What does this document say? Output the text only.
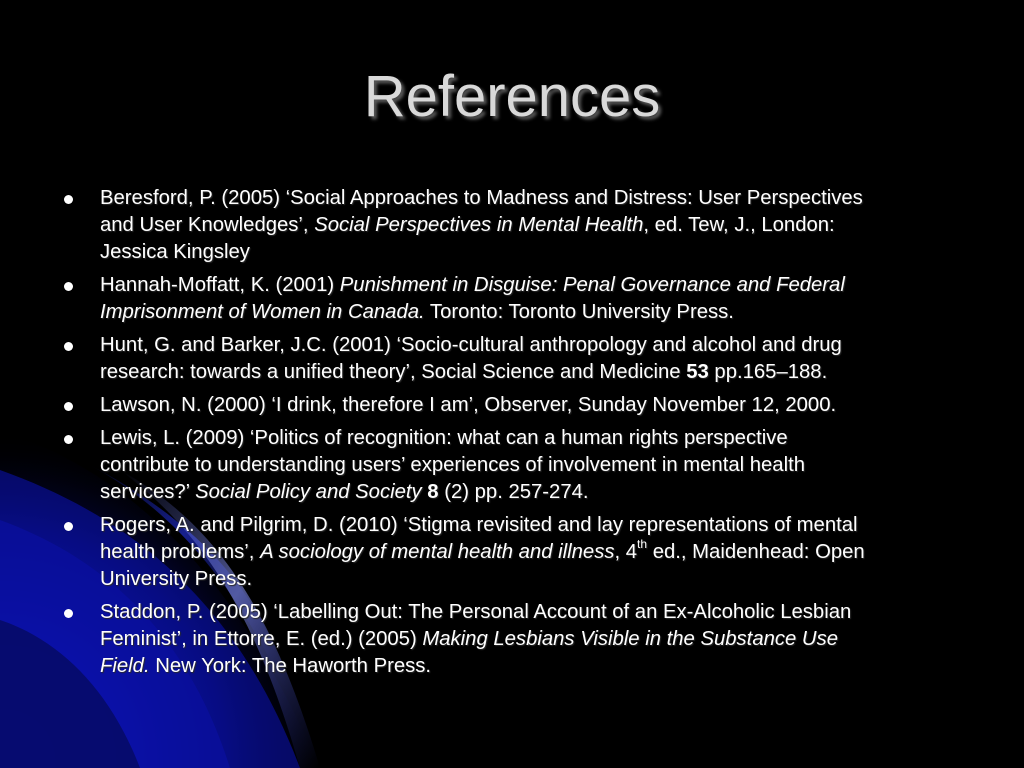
References
Beresford, P. (2005) ‘Social Approaches to Madness and Distress: User Perspectives
and User Knowledges’, Social Perspectives in Mental Health, ed. Tew, J., London:
Jessica Kingsley
Hannah-Moffatt, K. (2001) Punishment in Disguise: Penal Governance and Federal
Imprisonment of Women in Canada. Toronto: Toronto University Press.
Hunt, G. and Barker, J.C. (2001) ‘Socio-cultural anthropology and alcohol and drug
research: towards a unified theory’, Social Science and Medicine 53 pp.165–188.
Lawson, N. (2000) ‘I drink, therefore I am’, Observer, Sunday November 12, 2000.
Lewis, L. (2009) ‘Politics of recognition: what can a human rights perspective
contribute to understanding users’ experiences of involvement in mental health
services?’ Social Policy and Society 8 (2) pp. 257-274.
Rogers, A. and Pilgrim, D. (2010) ‘Stigma revisited and lay representations of mental
health problems’, A sociology of mental health and illness, 4th ed., Maidenhead: Open
University Press.
Staddon, P. (2005) ‘Labelling Out: The Personal Account of an Ex-Alcoholic Lesbian
Feminist’, in Ettorre, E. (ed.) (2005) Making Lesbians Visible in the Substance Use
Field. New York: The Haworth Press.
